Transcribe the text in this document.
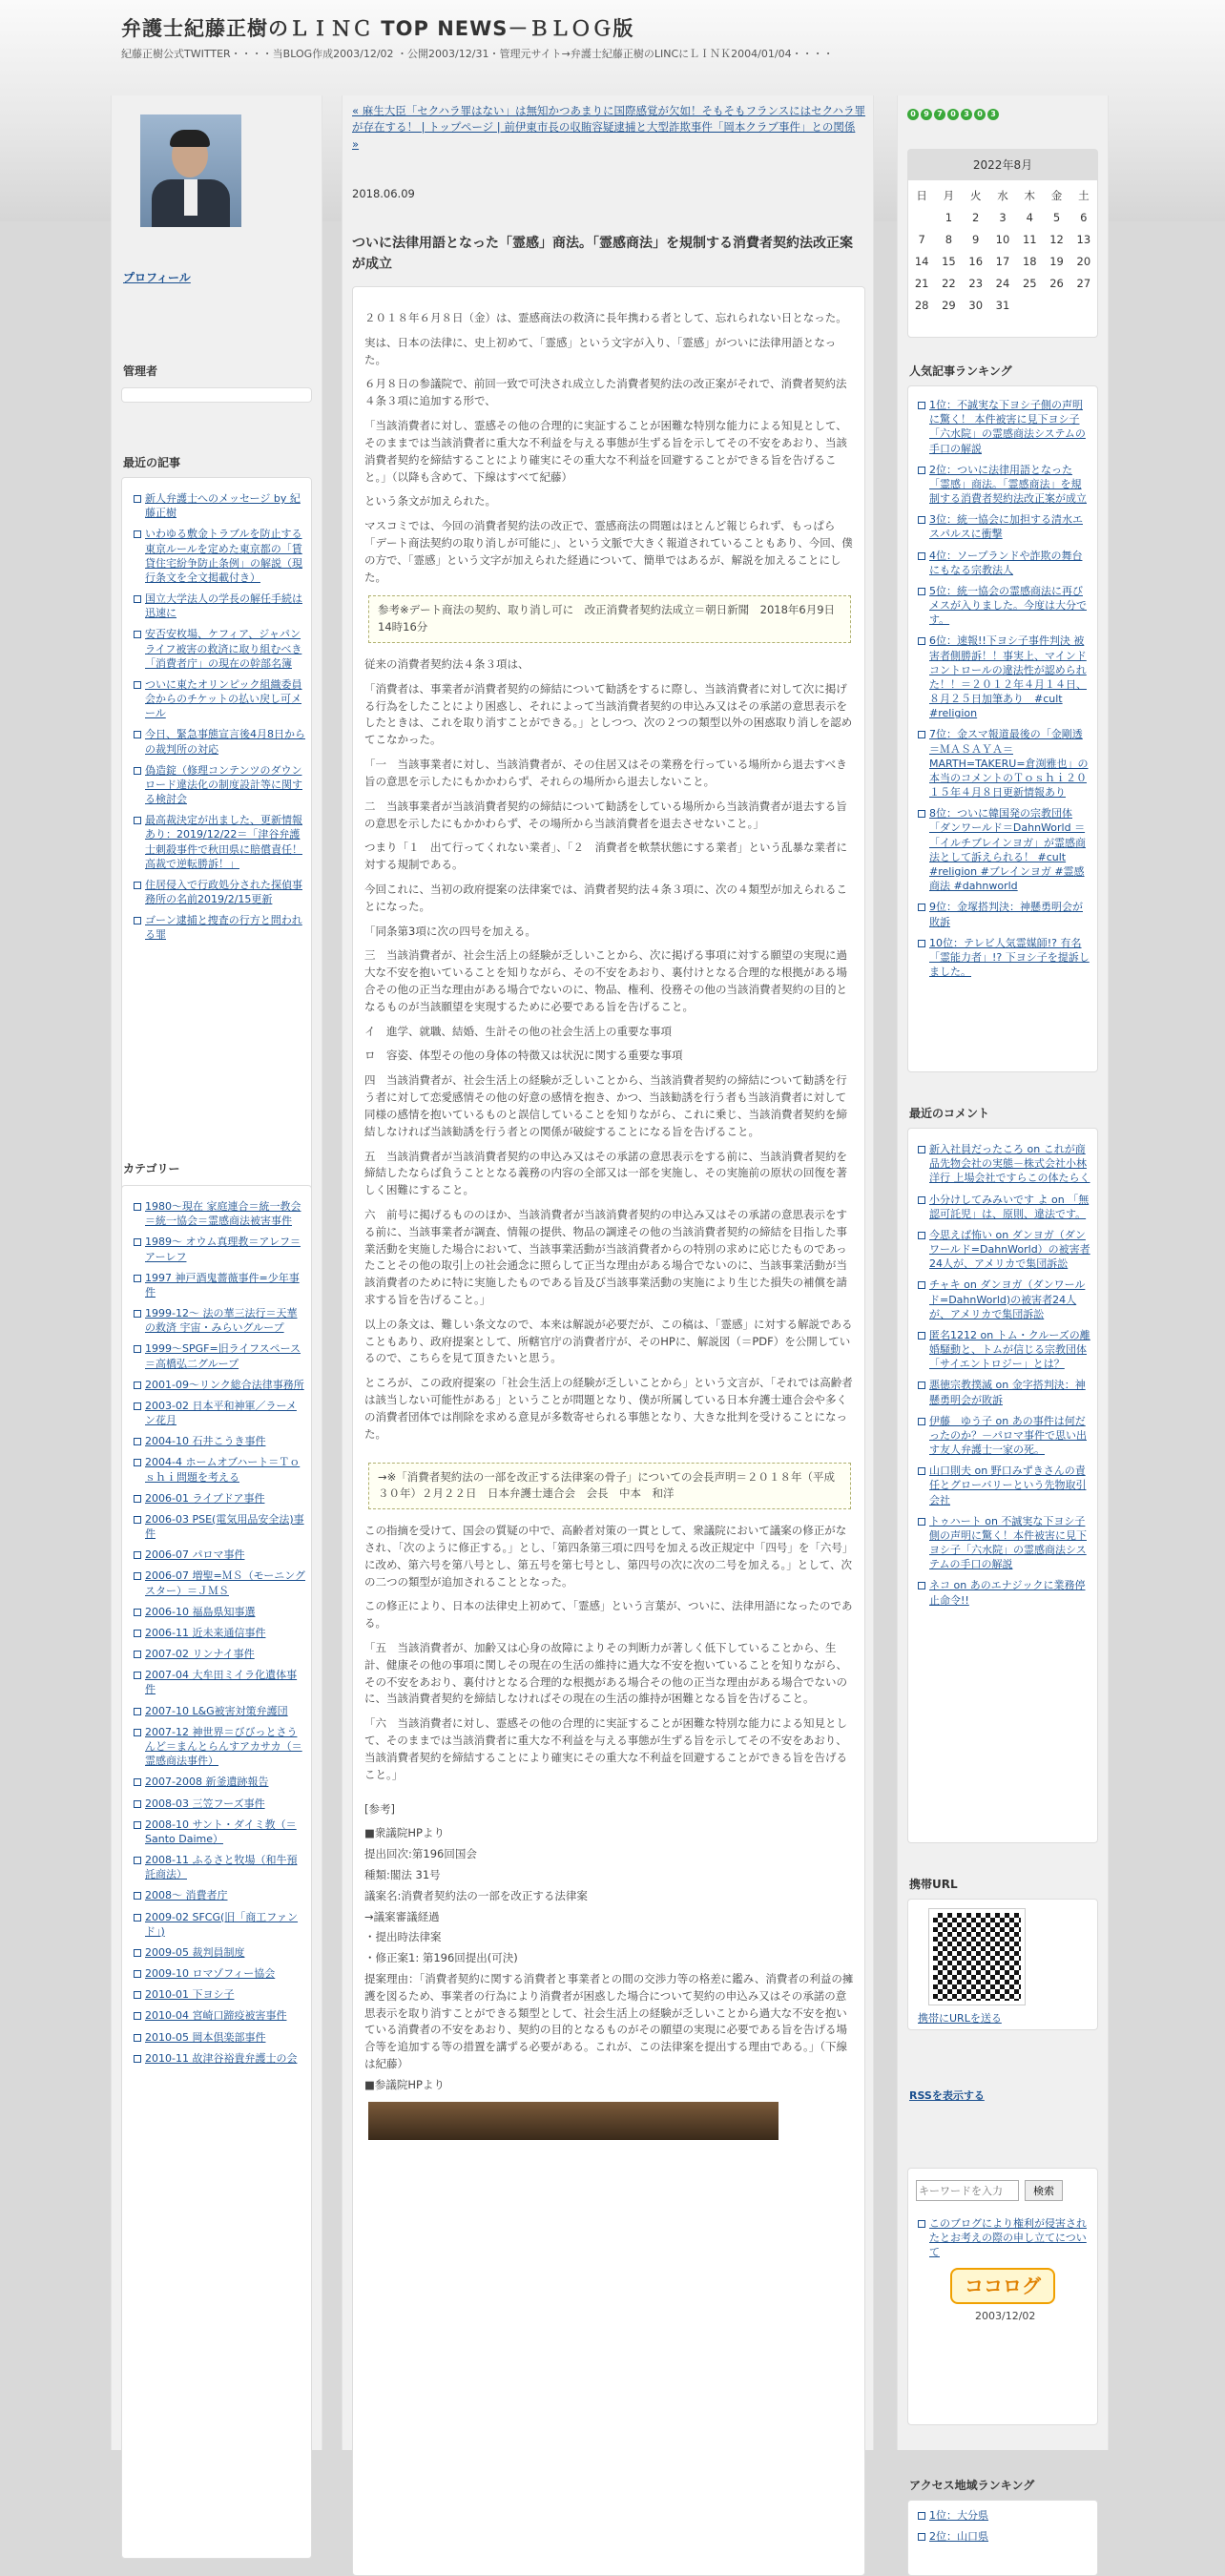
弁護士紀藤正樹のＬＩＮＣ TOP NEWS－ＢＬＯＧ版
紀藤正樹公式TWITTER・・・・当BLOG作成2003/12/02 ・公開2003/12/31・管理元サイト→弁護士紀藤正樹のLINCにＬＩＮＫ2004/01/04・・・・
プロフィール
管理者
最近の記事
新人弁護士へのメッセージ by 紀藤正樹
いわゆる敷金トラブルを防止する東京ルールを定めた東京都の「賃貸住宅紛争防止条例」の解説（現行条文を全文掲載付き）
国立大学法人の学長の解任手続は迅速に
安否安枚場、ケフィア、ジャパンライフ被害の救済に取り組むべき「消費者庁」の現在の幹部名簿
ついに東たオリンピック組織委員会からのチケットの払い戻し可メール
今日、緊急事態宣言後4月8日からの裁判所の対応
偽造錠（修理コンテンツのダウンロード違法化の制度設計等に関する検討会
最高裁決定が出ました、更新情報あり：2019/12/22＝「津谷弁護士刺殺事件で秋田県に賠償責任！高裁で逆転勝訴！」
住居侵入で行政処分された探偵事務所の名前2019/2/15更新
ゴーン逮捕と捜査の行方と問われる罪
カテゴリー
1980～現在 家庭連合＝統一教会＝統一協会＝霊感商法被害事件
1989～ オウム真理教＝アレフ＝アーレフ
1997 神戸酒鬼薔薇事件=少年事件
1999-12～ 法の華三法行＝天華の救済 宇宙・みらいグループ
1999～SPGF=旧ライフスペース＝高橋弘二グループ
2001-09～リンク総合法律事務所
2003-02 日本平和神軍／ラーメン花月
2004-10 石井こうき事件
2004-4 ホームオブハート＝Ｔｏｓｈｉ問題を考える
2006-01 ライブドア事件
2006-03 PSE(電気用品安全法)事件
2006-07 パロマ事件
2006-07 増聖=ＭＳ（モーニングスター）＝ＪＭＳ
2006-10 福島県知事選
2006-11 近未来通信事件
2007-02 リンナイ事件
2007-04 大牟田ミイラ化遺体事件
2007-10 L&G被害対策弁護団
2007-12 神世界＝びびっとさうんど＝まんとらんすアカサカ（＝霊感商法事件）
2007-2008 新釜遺跡報告
2008-03 三笠フーズ事件
2008-10 サント・ダイミ教（＝Santo Daime）
2008-11 ふるさと牧場（和牛預託商法）
2008～ 消費者庁
2009-02 SFCG(旧「商工ファンド」)
2009-05 裁判員制度
2009-10 ロマゾフィー協会
2010-01 下ヨシ子
2010-04 宮崎口蹄疫被害事件
2010-05 岡本倶楽部事件
2010-11 故津谷裕貴弁護士の会
« 麻生大臣「セクハラ罪はない」は無知かつあまりに国際感覚が欠如！そもそもフランスにはセクハラ罪が存在する！ | トップページ | 前伊東市長の収賄容疑逮捕と大型詐欺事件「岡本クラブ事件」との関係 »
2018.06.09
ついに法律用語となった「霊感」商法。「霊感商法」を規制する消費者契約法改正案が成立

２０１８年６月８日（金）は、霊感商法の救済に長年携わる者として、忘れられない日となった。

実は、日本の法律に、史上初めて、「霊感」という文字が入り、「霊感」がついに法律用語となった。

６月８日の参議院で、前回一致で可決され成立した消費者契約法の改正案がそれで、消費者契約法４条３項に追加する形で、

「当該消費者に対し、霊感その他の合理的に実証することが困難な特別な能力による知見として、そのままでは当該消費者に重大な不利益を与える事態が生ずる旨を示してその不安をあおり、当該消費者契約を締結することにより確実にその重大な不利益を回避することができる旨を告げること。」（以降も含めて、下線はすべて紀藤）

という条文が加えられた。

マスコミでは、今回の消費者契約法の改正で、霊感商法の問題はほとんど報じられず、もっぱら「デート商法契約の取り消しが可能に」、という文脈で大きく報道されていることもあり、今回、僕の方で、「霊感」という文字が加えられた経過について、簡単ではあるが、解説を加えることにした。

参考※デート商法の契約、取り消し可に　改正消費者契約法成立＝朝日新聞　2018年6月9日14時16分

従来の消費者契約法４条３項は、

「消費者は、事業者が消費者契約の締結について勧誘をするに際し、当該消費者に対して次に掲げる行為をしたことにより困惑し、それによって当該消費者契約の申込み又はその承諾の意思表示をしたときは、これを取り消すことができる。」としつつ、次の２つの類型以外の困惑取り消しを認めてこなかった。

「一　当該事業者に対し、当該消費者が、その住居又はその業務を行っている場所から退去すべき旨の意思を示したにもかかわらず、それらの場所から退去しないこと。

二　当該事業者が当該消費者契約の締結について勧誘をしている場所から当該消費者が退去する旨の意思を示したにもかかわらず、その場所から当該消費者を退去させないこと。」

つまり「１　出て行ってくれない業者」、「２　消費者を軟禁状態にする業者」という乱暴な業者に対する規制である。

今回これに、当初の政府提案の法律案では、消費者契約法４条３項に、次の４類型が加えられることになった。

「同条第3項に次の四号を加える。

三　当該消費者が、社会生活上の経験が乏しいことから、次に掲げる事項に対する願望の実現に過大な不安を抱いていることを知りながら、その不安をあおり、裏付けとなる合理的な根拠がある場合その他の正当な理由がある場合でないのに、物品、権利、役務その他の当該消費者契約の目的となるものが当該願望を実現するために必要である旨を告げること。

イ　進学、就職、結婚、生計その他の社会生活上の重要な事項

ロ　容姿、体型その他の身体の特徴又は状況に関する重要な事項

四　当該消費者が、社会生活上の経験が乏しいことから、当該消費者契約の締結について勧誘を行う者に対して恋愛感情その他の好意の感情を抱き、かつ、当該勧誘を行う者も当該消費者に対して同様の感情を抱いているものと誤信していることを知りながら、これに乗じ、当該消費者契約を締結しなければ当該勧誘を行う者との関係が破綻することになる旨を告げること。

五　当該消費者が当該消費者契約の申込み又はその承諾の意思表示をする前に、当該消費者契約を締結したならば負うこととなる義務の内容の全部又は一部を実施し、その実施前の原状の回復を著しく困難にすること。

六　前号に掲げるもののほか、当該消費者が当該消費者契約の申込み又はその承諾の意思表示をする前に、当該事業者が調査、情報の提供、物品の調達その他の当該消費者契約の締結を目指した事業活動を実施した場合において、当該事業活動が当該消費者からの特別の求めに応じたものであったことその他の取引上の社会通念に照らして正当な理由がある場合でないのに、当該事業活動が当該消費者のために特に実施したものである旨及び当該事業活動の実施により生じた損失の補償を請求する旨を告げること。」

以上の条文は、難しい条文なので、本来は解説が必要だが、この稿は、「霊感」に対する解説であることもあり、政府提案として、所轄官庁の消費者庁が、そのHPに、解説図（＝PDF）を公開しているので、こちらを見て頂きたいと思う。

ところが、この政府提案の「社会生活上の経験が乏しいことから」という文言が、「それでは高齢者は該当しない可能性がある」ということが問題となり、僕が所属している日本弁護士連合会や多くの消費者団体では削除を求める意見が多数寄せられる事態となり、大きな批判を受けることになった。

→※「消費者契約法の一部を改正する法律案の骨子」についての会長声明＝２０１８年（平成３０年）２月２２日　日本弁護士連合会　会長　中本　和洋

この指摘を受けて、国会の質疑の中で、高齢者対策の一貫として、衆議院において議案の修正がなされ、「次のように修正する。」とし、「第四条第三項に四号を加える改正規定中「四号」を「六号」に改め、第六号を第八号とし、第五号を第七号とし、第四号の次に次の二号を加える。」として、次の二つの類型が追加されることとなった。

この修正により、日本の法律史上初めて、「霊感」という言葉が、ついに、法律用語になったのである。

「五　当該消費者が、加齢又は心身の故障によりその判断力が著しく低下していることから、生計、健康その他の事項に関しその現在の生活の維持に過大な不安を抱いていることを知りながら、その不安をあおり、裏付けとなる合理的な根拠がある場合その他の正当な理由がある場合でないのに、当該消費者契約を締結しなければその現在の生活の維持が困難となる旨を告げること。

「六　当該消費者に対し、霊感その他の合理的に実証することが困難な特別な能力による知見として、そのままでは当該消費者に重大な不利益を与える事態が生ずる旨を示してその不安をあおり、当該消費者契約を締結することにより確実にその重大な不利益を回避することができる旨を告げること。」

[参考]

■衆議院HPより

提出回次:第196回国会

種類:閣法 31号

議案名:消費者契約法の一部を改正する法律案

→議案審議経過

・提出時法律案

・修正案1: 第196回提出(可決)

提案理由：「消費者契約に関する消費者と事業者との間の交渉力等の格差に鑑み、消費者の利益の擁護を図るため、事業者の行為により消費者が困惑した場合について契約の申込み又はその承諾の意思表示を取り消すことができる類型として、社会生活上の経験が乏しいことから過大な不安を抱いている消費者の不安をあおり、契約の目的となるものがその願望の実現に必要である旨を告げる場合等を追加する等の措置を講ずる必要がある。これが、この法律案を提出する理由である。」（下線は紀藤）

■参議院HPより

0	9	7	0	3	0	3
2022年8月
日	月	火	水	木	金	土
	1	2	3	4	5	6
7	8	9	10	11	12	13
14	15	16	17	18	19	20
21	22	23	24	25	26	27
28	29	30	31			
人気記事ランキング
1位：不誠実な下ヨシ子側の声明に驚く！ 本件被害に見下ヨシ子「六水院」の霊感商法システムの手口の解説
2位：ついに法律用語となった「霊感」商法。「霊感商法」を規制する消費者契約法改正案が成立
3位：統一協会に加担する清水エスパルスに衝撃
4位：ソープランドや詐欺の舞台にもなる宗教法人
5位：統一協会の霊感商法に再びメスが入りました。今度は大分です。
6位：速報!!下ヨシ子事件判決 被害者側勝訴！！事実上、マインドコントロールの違法性が認められた！！＝２０１２年４月１４日、８月２５日加筆あり　#cult #religion
7位：金スマ報道最後の「金剛透＝ＭＡＳＡＹＡ＝MARTH=TAKERU=倉渕雅也」の本当のコメントのＴｏｓｈｉ２０１５年４月８日更新情報あり
8位：ついに韓国発の宗教団体「ダンワールド＝DahnWorld ＝「イルチブレインヨガ」が霊感商法として訴えられる！ #cult #religion #ブレインヨガ #霊感商法 #dahnworld
9位：金塚搭判決：神懸勇明会が敗訴
10位：テレビ人気霊媒師!? 有名「霊能力者」!? 下ヨシ子を提訴しました。
最近のコメント
新入社員だったころ on これが商品先物会社の実態－株式会社小林洋行 上場会社ですらこの体たらく
小分けしてみみいです よ on 「無認可託児」は、原則、違法です。
今思えば怖い on ダンヨガ（ダンワールド=DahnWorld）の被害者24人が、アメリカで集団訴訟
チャキ on ダンヨガ（ダンワールド=DahnWorld)の被害者24人が、アメリカで集団訴訟
匿名1212 on トム・クルーズの離婚騒動と、トムが信じる宗教団体「サイエントロジー」とは？
悪徳宗教撲滅 on 金字搭判決：神懸勇明会が敗訴
伊藤　ゆう子 on あの事件は何だったのか？－パロマ事件で思い出す友人弁護士一家の死。
山口則夫 on 野口みずきさんの責任とグローバリーという先物取引会社
トゥハート on 不誠実な下ヨシ子側の声明に驚く！本件被害に見下ヨシ子「六水院」の霊感商法システムの手口の解説
ネコ on あのエナジックに業務停止命令!!
携帯URL
携帯にURLを送る
RSSを表示する
キーワードを入力
検索
このブログにより権利が侵害されたとお考えの際の申し立てについて
ココログ
2003/12/02
アクセス地域ランキング
1位：大分県
2位：山口県
